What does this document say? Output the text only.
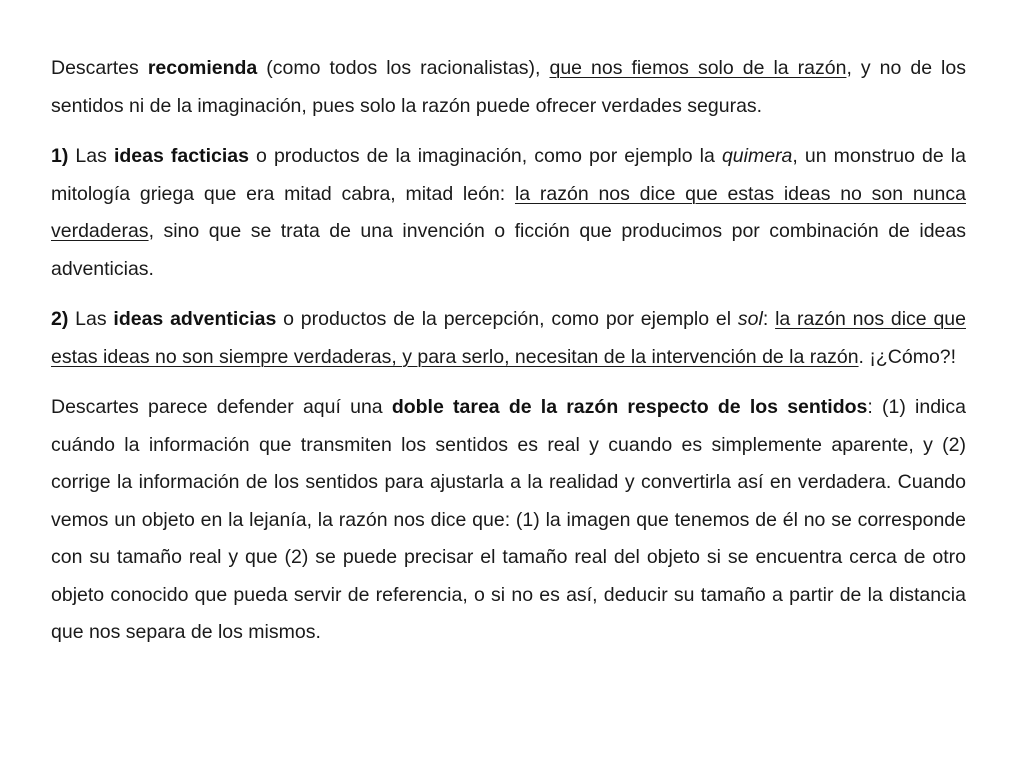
Descartes recomienda (como todos los racionalistas), que nos fiemos solo de la razón, y no de los sentidos ni de la imaginación, pues solo la razón puede ofrecer verdades seguras.

1) Las ideas facticias o productos de la imaginación, como por ejemplo la quimera, un monstruo de la mitología griega que era mitad cabra, mitad león: la razón nos dice que estas ideas no son nunca verdaderas, sino que se trata de una invención o ficción que producimos por combinación de ideas adventicias.

2) Las ideas adventicias o productos de la percepción, como por ejemplo el sol: la razón nos dice que estas ideas no son siempre verdaderas, y para serlo, necesitan de la intervención de la razón. ¡¿Cómo?!

Descartes parece defender aquí una doble tarea de la razón respecto de los sentidos: (1) indica cuándo la información que transmiten los sentidos es real y cuando es simplemente aparente, y (2) corrige la información de los sentidos para ajustarla a la realidad y convertirla así en verdadera. Cuando vemos un objeto en la lejanía, la razón nos dice que: (1) la imagen que tenemos de él no se corresponde con su tamaño real y que (2) se puede precisar el tamaño real del objeto si se encuentra cerca de otro objeto conocido que pueda servir de referencia, o si no es así, deducir su tamaño a partir de la distancia que nos separa de los mismos.
